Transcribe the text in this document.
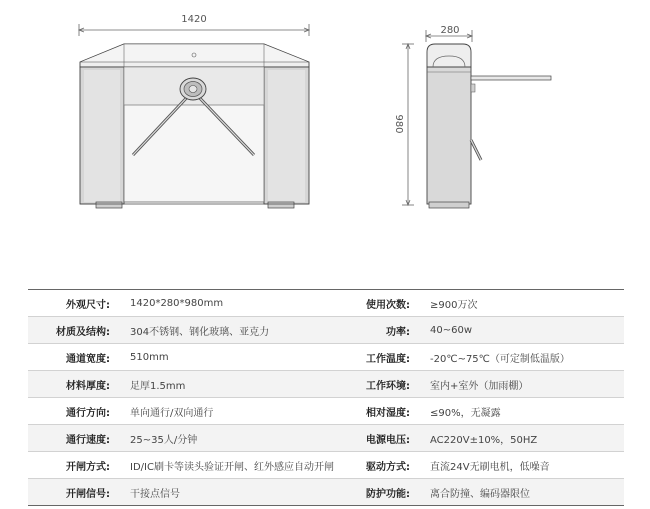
1420
280
980
外观尺寸:	1420*280*980mm	使用次数:	≥900万次
材质及结构:	304不锈钢、钢化玻璃、亚克力	功率:	40~60w
通道宽度:	510mm	工作温度:	-20℃~75℃（可定制低温版）
材料厚度:	足厚1.5mm	工作环境:	室内+室外（加雨棚）
通行方向:	单向通行/双向通行	相对湿度:	≤90%，无凝露
通行速度:	25~35人/分钟	电源电压:	AC220V±10%，50HZ
开闸方式:	ID/IC刷卡等读头验证开闸、红外感应自动开闸	驱动方式:	直流24V无刷电机，低噪音
开闸信号:	干接点信号	防护功能:	离合防撞、编码器限位
